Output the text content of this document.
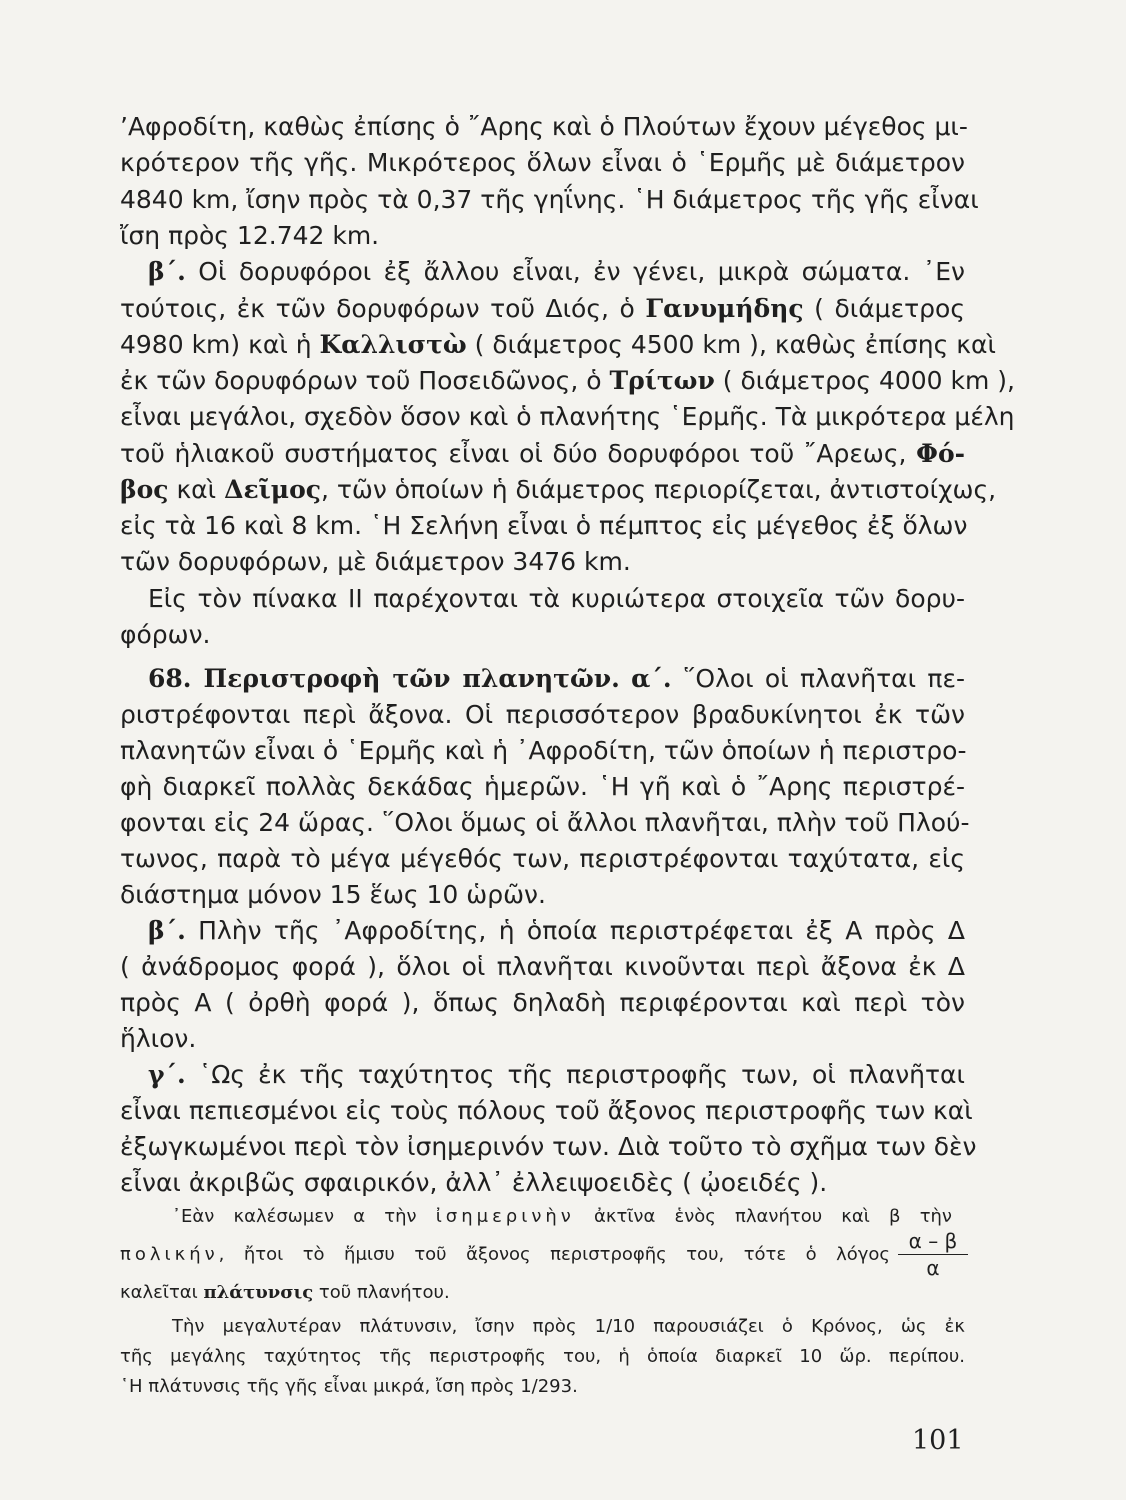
’Αφροδίτη, καθὼς ἐπίσης ὁ ῎Αρης καὶ ὁ Πλούτων ἔχουν μέγεθος μι-
κρότερον τῆς γῆς. Μικρότερος ὅλων εἶναι ὁ ῾Ερμῆς μὲ διάμετρον
4840 km, ἴσην πρὸς τὰ 0,37 τῆς γηΐνης. ῾Η διάμετρος τῆς γῆς εἶναι
ἴση πρὸς 12.742 km.
β΄. Οἱ δορυφόροι ἐξ ἄλλου εἶναι, ἐν γένει, μικρὰ σώματα. ᾿Εν
τούτοις, ἐκ τῶν δορυφόρων τοῦ Διός, ὁ Γανυμήδης ( διάμετρος
4980 km) καὶ ἡ Καλλιστὼ ( διάμετρος 4500 km ), καθὼς ἐπίσης καὶ
ἐκ τῶν δορυφόρων τοῦ Ποσειδῶνος, ὁ Τρίτων ( διάμετρος 4000 km ),
εἶναι μεγάλοι, σχεδὸν ὅσον καὶ ὁ πλανήτης ῾Ερμῆς. Τὰ μικρότερα μέλη
τοῦ ἡλιακοῦ συστήματος εἶναι οἱ δύο δορυφόροι τοῦ ῎Αρεως, Φό-
βος καὶ Δεῖμος, τῶν ὁποίων ἡ διάμετρος περιορίζεται, ἀντιστοίχως,
εἰς τὰ 16 καὶ 8 km. ῾Η Σελήνη εἶναι ὁ πέμπτος εἰς μέγεθος ἐξ ὅλων
τῶν δορυφόρων, μὲ διάμετρον 3476 km.
Εἰς τὸν πίνακα ΙΙ παρέχονται τὰ κυριώτερα στοιχεῖα τῶν δορυ-
φόρων.
68. Περιστροφὴ τῶν πλανητῶν. α΄. ῞Ολοι οἱ πλανῆται πε-
ριστρέφονται περὶ ἄξονα. Οἱ περισσότερον βραδυκίνητοι ἐκ τῶν
πλανητῶν εἶναι ὁ ῾Ερμῆς καὶ ἡ ᾿Αφροδίτη, τῶν ὁποίων ἡ περιστρο-
φὴ διαρκεῖ πολλὰς δεκάδας ἡμερῶν. ῾Η γῆ καὶ ὁ ῎Αρης περιστρέ-
φονται εἰς 24 ὥρας. ῞Ολοι ὅμως οἱ ἄλλοι πλανῆται, πλὴν τοῦ Πλού-
τωνος, παρὰ τὸ μέγα μέγεθός των, περιστρέφονται ταχύτατα, εἰς
διάστημα μόνον 15 ἕως 10 ὡρῶν.
β΄. Πλὴν τῆς ᾿Αφροδίτης, ἡ ὁποία περιστρέφεται ἐξ Α πρὸς Δ
( ἀνάδρομος φορά ), ὅλοι οἱ πλανῆται κινοῦνται περὶ ἄξονα ἐκ Δ
πρὸς Α ( ὀρθὴ φορά ), ὅπως δηλαδὴ περιφέρονται καὶ περὶ τὸν
ἥλιον.
γ΄. ῾Ως ἐκ τῆς ταχύτητος τῆς περιστροφῆς των, οἱ πλανῆται
εἶναι πεπιεσμένοι εἰς τοὺς πόλους τοῦ ἄξονος περιστροφῆς των καὶ
ἐξωγκωμένοι περὶ τὸν ἰσημερινόν των. Διὰ τοῦτο τὸ σχῆμα των δὲν
εἶναι ἀκριβῶς σφαιρικόν, ἀλλ᾿ ἐλλειψοειδὲς ( ᾠοειδές ).
᾿Εὰν καλέσωμεν α τὴν ἰσημερινὴν ἀκτῖνα ἑνὸς πλανήτου καὶ β τὴν
πολικήν, ἤτοι τὸ ἥμισυ τοῦ ἄξονος περιστροφῆς του, τότε ὁ λόγος $\frac{\alpha - \beta}{\alpha}$
καλεῖται πλάτυνσις τοῦ πλανήτου.
Τὴν μεγαλυτέραν πλάτυνσιν, ἴσην πρὸς 1/10 παρουσιάζει ὁ Κρόνος, ὡς ἐκ
τῆς μεγάλης ταχύτητος τῆς περιστροφῆς του, ἡ ὁποία διαρκεῖ 10 ὥρ. περίπου.
῾Η πλάτυνσις τῆς γῆς εἶναι μικρά, ἴση πρὸς 1/293.
101
